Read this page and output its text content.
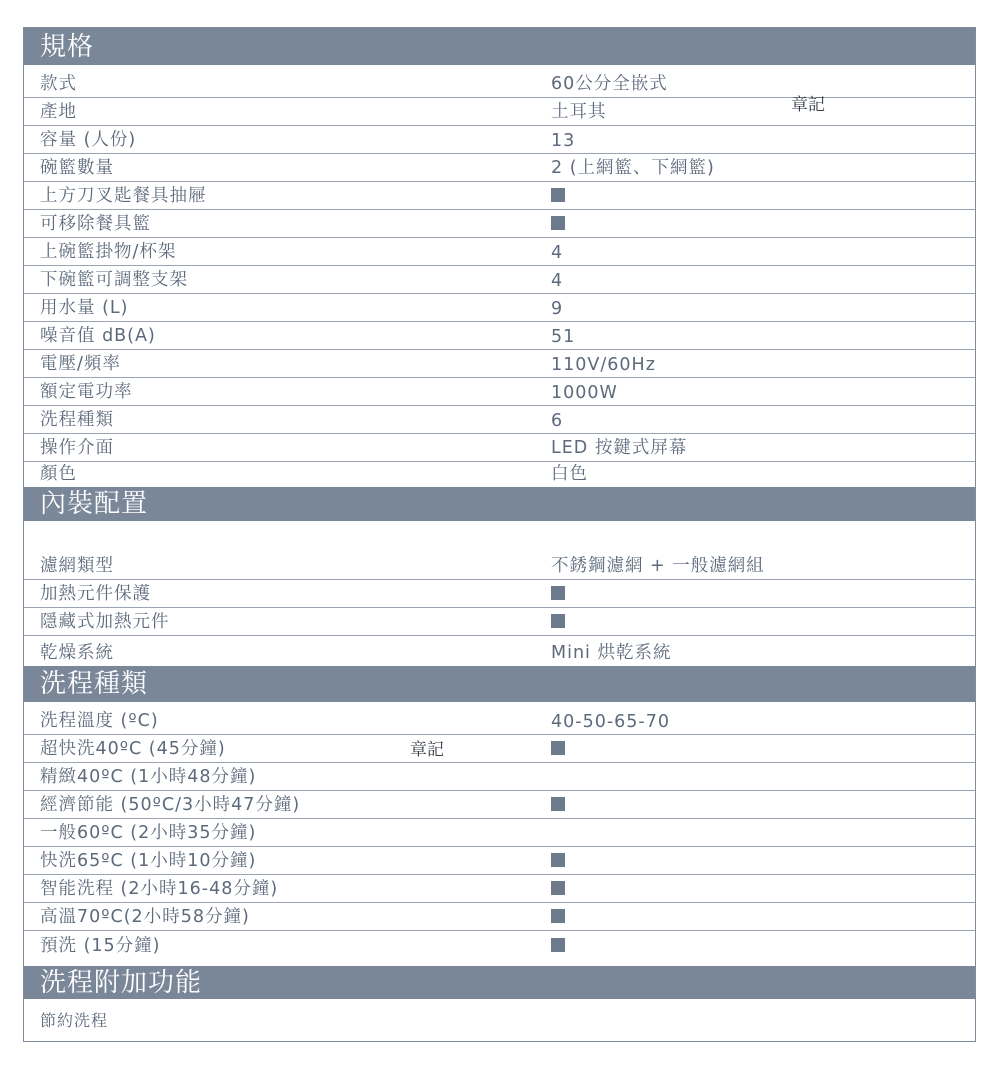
規格
款式	60公分全嵌式
產地	土耳其
容量 (人份)	13
碗籃數量	2 (上網籃、下網籃)
上方刀叉匙餐具抽屜
可移除餐具籃
上碗籃掛物/杯架	4
下碗籃可調整支架	4
用水量 (L)	9
噪音值 dB(A)	51
電壓/頻率	110V/60Hz
額定電功率	1000W
洗程種類	6
操作介面	LED 按鍵式屏幕
顏色	白色
內裝配置
濾網類型	不銹鋼濾網 + 一般濾網組
加熱元件保護
隱藏式加熱元件
乾燥系統	Mini 烘乾系統
洗程種類
洗程溫度 (ºC)	40-50-65-70
超快洗40ºC (45分鐘)
精緻40ºC (1小時48分鐘)
經濟節能 (50ºC/3小時47分鐘)
一般60ºC (2小時35分鐘)
快洗65ºC (1小時10分鐘)
智能洗程 (2小時16-48分鐘)
高溫70ºC(2小時58分鐘)
預洗 (15分鐘)
洗程附加功能
節約洗程
章記
章記
